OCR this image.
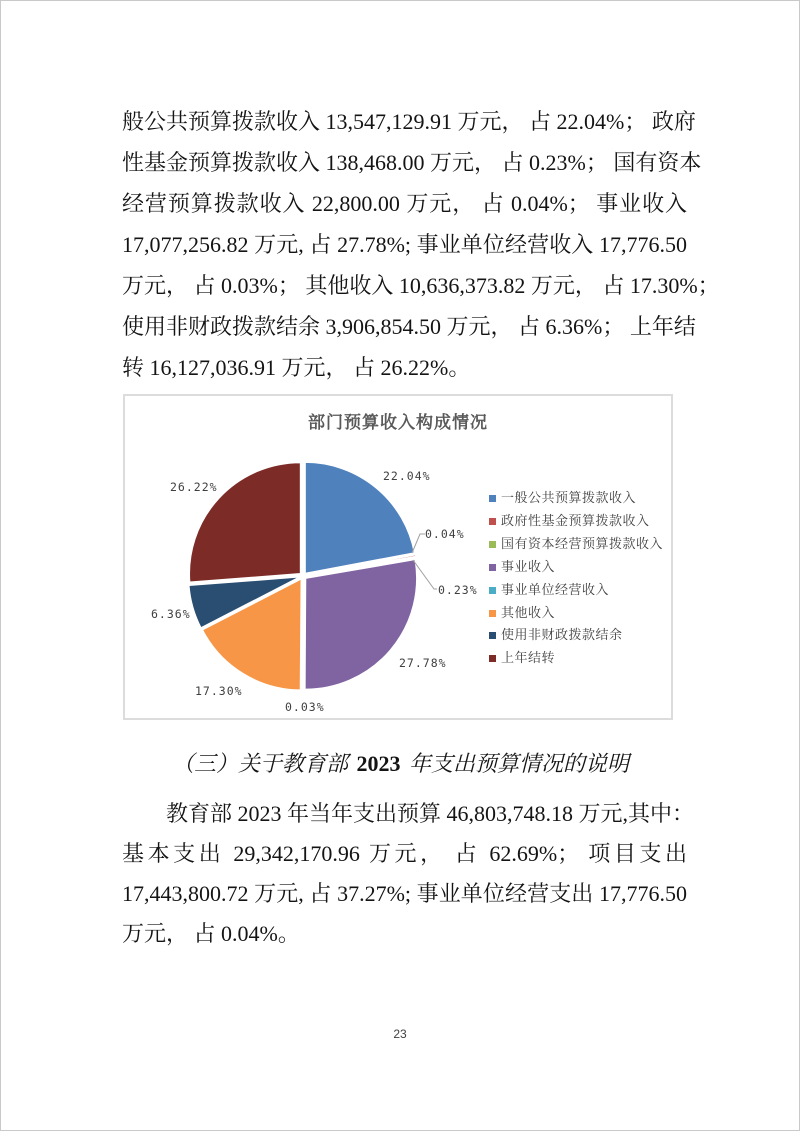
般公共预算拨款收入 13,547,129.91 万元， 占 22.04%； 政府
性基金预算拨款收入 138,468.00 万元， 占 0.23%； 国有资本
经营预算拨款收入 22,800.00 万元， 占 0.04%； 事业收入
17,077,256.82 万元, 占 27.78%; 事业单位经营收入 17,776.50
万元， 占 0.03%； 其他收入 10,636,373.82 万元， 占 17.30%；
使用非财政拨款结余 3,906,854.50 万元， 占 6.36%； 上年结
转 16,127,036.91 万元， 占 26.22%。
部门预算收入构成情况
22.04%
0.23%
0.04%
27.78%
0.03%
17.30%
6.36%
26.22%
一般公共预算拨款收入
政府性基金预算拨款收入
国有资本经营预算拨款收入
事业收入
事业单位经营收入
其他收入
使用非财政拨款结余
上年结转
（三）关于教育部 2023 年支出预算情况的说明
教育部 2023 年当年支出预算 46,803,748.18 万元,其中：
基本支出 29,342,170.96 万元， 占 62.69%； 项目支出
17,443,800.72 万元, 占 37.27%; 事业单位经营支出 17,776.50
万元， 占 0.04%。
23
